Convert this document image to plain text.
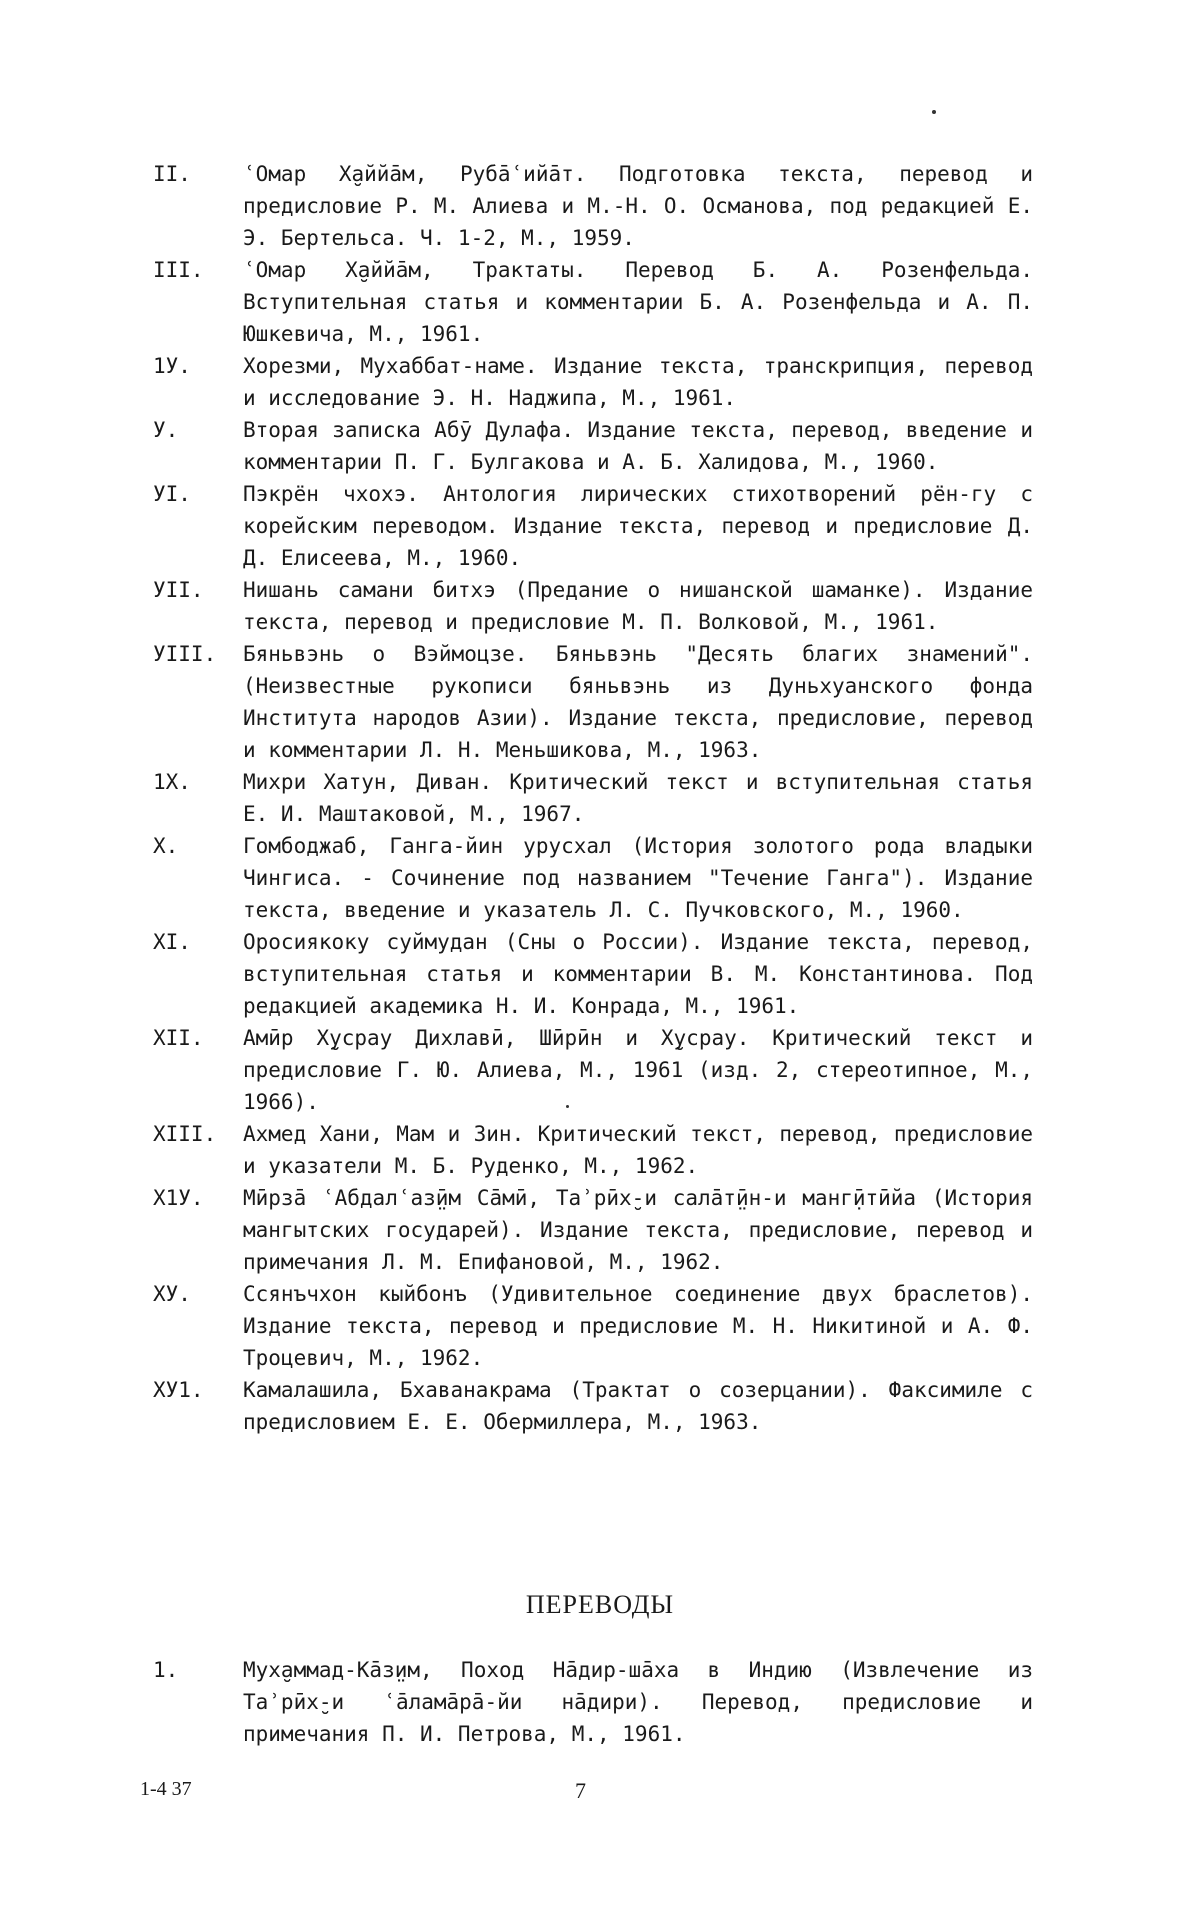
II.	ʿОмар Х̮аййа̄м, Руба̄ʿийа̄т. Подготовка текста, перевод и предисловие Р. М. Алиева и М.-Н. О. Османова, под редакцией Е. Э. Бертельса. Ч. 1-2, М., 1959.
III.	ʿОмар Х̮аййа̄м, Трактаты. Перевод Б. А. Розенфельда. Вступительная статья и комментарии Б. А. Розенфельда и А. П. Юшкевича, М., 1961.
1У.	Хорезми, Мухаббат-наме. Издание текста, транскрипция, перевод и исследование Э. Н. Наджипа, М., 1961.
У.	Вторая записка Абӯ Дулафа. Издание текста, перевод, введение и комментарии П. Г. Булгакова и А. Б. Халидова, М., 1960.
УI.	Пэкрён чхохэ. Антология лирических стихотворений рён-гу с корейским переводом. Издание текста, перевод и предисловие Д. Д. Елисеева, М., 1960.
УII.	Нишань самани битхэ (Предание о нишанской шаманке). Издание текста, перевод и предисловие М. П. Волковой, М., 1961.
УIII.	Бяньвэнь о Вэймоцзе. Бяньвэнь "Десять благих знамений". (Неизвестные рукописи бяньвэнь из Дуньхуанского фонда Института народов Азии). Издание текста, предисловие, перевод и комментарии Л. Н. Меньшикова, М., 1963.
1Х.	Михри Хатун, Диван. Критический текст и вступительная статья Е. И. Маштаковой, М., 1967.
Х.	Гомбоджаб, Ганга-йин урусхал (История золотого рода владыки Чингиса. - Сочинение под названием "Течение Ганга"). Издание текста, введение и указатель Л. С. Пучковского, М., 1960.
ХI.	Оросиякоку суймудан (Сны о России). Издание текста, перевод, вступительная статья и комментарии В. М. Константинова. Под редакцией академика Н. И. Конрада, М., 1961.
ХII.	Амӣр Х̮усрау Дихлавӣ, Шӣрӣн и Х̮усрау. Критический текст и предисловие Г. Ю. Алиева, М., 1961 (изд. 2, стереотипное, М., 1966).
ХIII.	Ахмед Хани, Мам и Зин. Критический текст, перевод, предисловие и указатели М. Б. Руденко, М., 1962.
Х1У.	Мӣрза̄ ʿАбдалʿаз̤ӣм Са̄мӣ, Таʾрӣх̮-и сала̄т̤ӣн-и манг̣ӣтӣйа (История мангытских государей). Издание текста, предисловие, перевод и примечания Л. М. Епифановой, М., 1962.
ХУ.	Ссянъчхон кыйбонъ (Удивительное соединение двух браслетов). Издание текста, перевод и предисловие М. Н. Никитиной и А. Ф. Троцевич, М., 1962.
ХУ1.	Камалашила, Бхаванакрама (Трактат о созерцании). Факсимиле с предисловием Е. Е. Обермиллера, М., 1963.
ПЕРЕВОДЫ
1.	Мух̮аммад-Ка̄з̤им, Поход На̄дир-ша̄ха в Индию (Извлечение из Таʾрӣх̮-и ʿа̄лама̄ра̄-йи на̄дири). Перевод, предисловие и примечания П. И. Петрова, М., 1961.
1-4 37	7
